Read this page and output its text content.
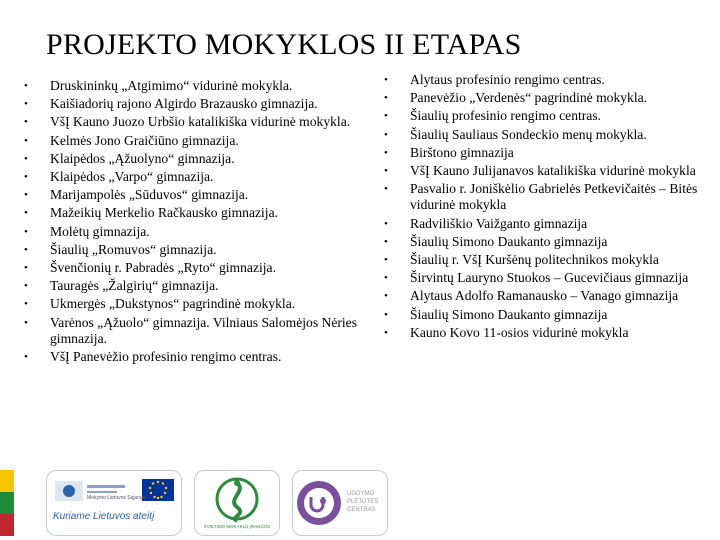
PROJEKTO MOKYKLOS II ETAPAS
• Druskininkų „Atgimimo“ vidurinė mokykla.
• Kaišiadorių rajono Algirdo Brazausko gimnazija.
• VšĮ Kauno Juozo Urbšio katalikiška vidurinė mokykla.
• Kelmės Jono Graičiūno gimnazija.
• Klaipėdos „Ąžuolyno“ gimnazija.
• Klaipėdos „Varpo“ gimnazija.
• Marijampolės „Sūduvos“ gimnazija.
• Mažeikių Merkelio Račkausko gimnazija.
• Molėtų gimnazija.
• Šiaulių „Romuvos“ gimnazija.
• Švenčionių r. Pabradės „Ryto“ gimnazija.
• Tauragės „Žalgirių“ gimnazija.
• Ukmergės „Dukstynos“ pagrindinė mokykla.
• Varėnos „Ąžuolo“ gimnazija. Vilniaus Salomėjos Nėries gimnazija.
• VšĮ Panevėžio profesinio rengimo centras.
• Alytaus profesinio rengimo centras.
• Panevėžio „Verdenės“ pagrindinė mokykla.
• Šiaulių profesinio rengimo centras.
• Šiaulių Sauliaus Sondeckio menų mokykla.
• Birštono gimnazija
• VšĮ Kauno Julijanavos katalikiška vidurinė mokykla
• Pasvalio r. Joniškėlio Gabrielės Petkevičaitės – Bitės vidurinė mokykla
• Radviliškio Vaižganto gimnazija
• Šiaulių Simono Daukanto gimnazija
• Šiaulių r. VšĮ Kuršėnų politechnikos mokykla
• Širvintų Lauryno Stuokos – Gucevičiaus gimnazija
• Alytaus Adolfo Ramanausko – Vanago gimnazija
• Šiaulių Simono Daukanto gimnazija
• Kauno Kovo 11-osios vidurinė mokykla
Mokymo Lietuvos Sąjunga
Kuriame Lietuvos ateitį
ŠVIETIMO MOKYKLŲ ĮRANGOS
UGDYMO
PLĖTOTĖS
CENTRAS
